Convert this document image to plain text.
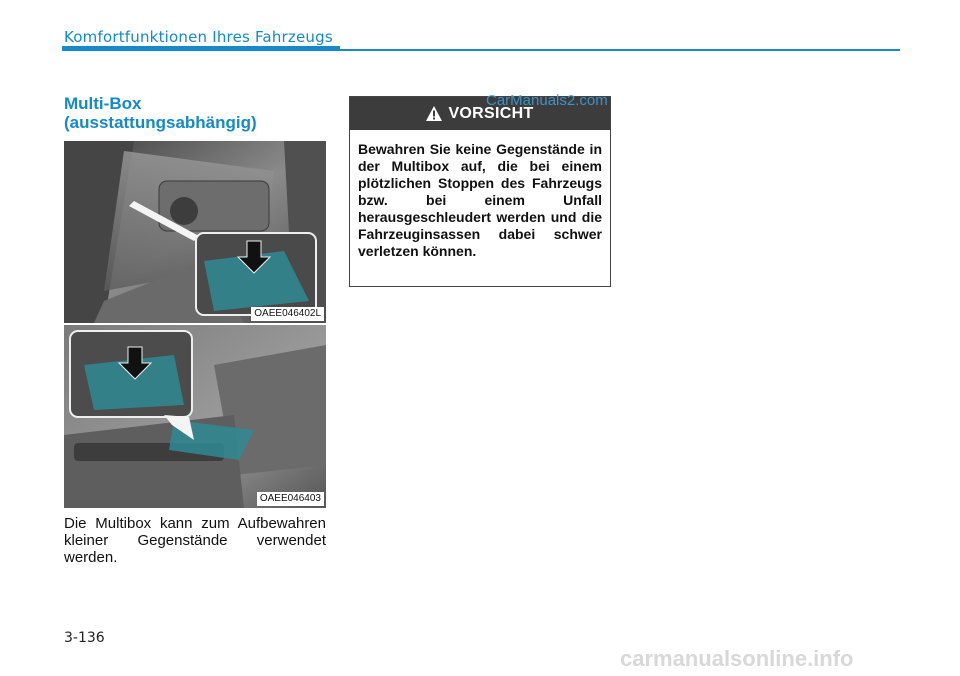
Komfortfunktionen Ihres Fahrzeugs
Multi-Box
(ausstattungsabhängig)
OAEE046402L
OAEE046403
Die Multibox kann zum Aufbewahren kleiner Gegenstände verwendet werden.
VORSICHT
Bewahren Sie keine Gegenstände in der Multibox auf, die bei einem plötzlichen Stoppen des Fahrzeugs bzw. bei einem Unfall herausgeschleudert werden und die Fahrzeuginsassen dabei schwer verletzen können.
CarManuals2.com
3-136
carmanualsonline.info
